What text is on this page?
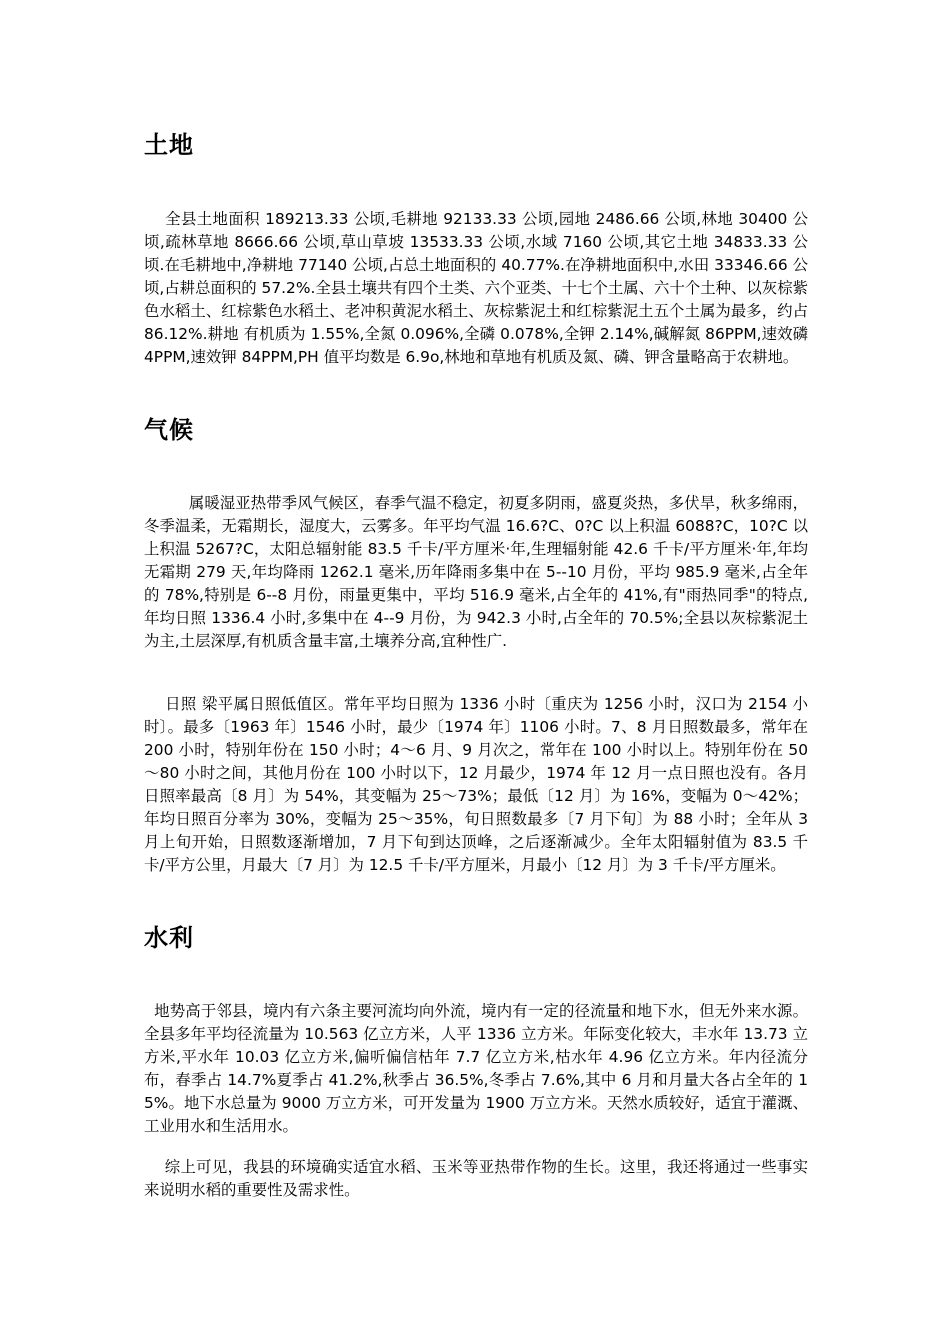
土地

全县土地面积 189213.33 公顷,毛耕地 92133.33 公顷,园地 2486.66 公顷,林地 30400 公顷,疏林草地 8666.66 公顷,草山草坡 13533.33 公顷,水域 7160 公顷,其它土地 34833.33 公顷.在毛耕地中,净耕地 77140 公顷,占总土地面积的 40.77%.在净耕地面积中,水田 33346.66 公顷,占耕总面积的 57.2%.全县土壤共有四个土类、六个亚类、十七个土属、六十个土种、以灰棕紫色水稻土、红棕紫色水稻土、老冲积黄泥水稻土、灰棕紫泥土和红棕紫泥土五个土属为最多，约占 86.12%.耕地 有机质为 1.55%,全氮 0.096%,全磷 0.078%,全钾 2.14%,碱解氮 86PPM,速效磷 4PPM,速效钾 84PPM,PH 值平均数是 6.9o,林地和草地有机质及氮、磷、钾含量略高于农耕地。

气候

属暖湿亚热带季风气候区，春季气温不稳定，初夏多阴雨，盛夏炎热，多伏旱，秋多绵雨，冬季温柔，无霜期长，湿度大，云雾多。年平均气温 16.6?C、0?C 以上积温 6088?C，10?C 以上积温 5267?C，太阳总辐射能 83.5 千卡/平方厘米·年,生理辐射能 42.6 千卡/平方厘米·年,年均无霜期 279 天,年均降雨 1262.1 毫米,历年降雨多集中在 5--10 月份，平均 985.9 毫米,占全年的 78%,特别是 6--8 月份，雨量更集中，平均 516.9 毫米,占全年的 41%,有"雨热同季"的特点,年均日照 1336.4 小时,多集中在 4--9 月份，为 942.3 小时,占全年的 70.5%;全县以灰棕紫泥土为主,土层深厚,有机质含量丰富,土壤养分高,宜种性广.

日照 梁平属日照低值区。常年平均日照为 1336 小时〔重庆为 1256 小时，汉口为 2154 小时〕。最多〔1963 年〕1546 小时，最少〔1974 年〕1106 小时。7、8 月日照数最多，常年在 200 小时，特别年份在 150 小时；4～6 月、9 月次之，常年在 100 小时以上。特别年份在 50～80 小时之间，其他月份在 100 小时以下，12 月最少，1974 年 12 月一点日照也没有。各月日照率最高〔8 月〕为 54%，其变幅为 25～73%；最低〔12 月〕为 16%，变幅为 0～42%；年均日照百分率为 30%，变幅为 25～35%，旬日照数最多〔7 月下旬〕为 88 小时；全年从 3 月上旬开始，日照数逐渐增加，7 月下旬到达顶峰，之后逐渐减少。全年太阳辐射值为 83.5 千卡/平方公里，月最大〔7 月〕为 12.5 千卡/平方厘米，月最小〔12 月〕为 3 千卡/平方厘米。

水利

地势高于邻县，境内有六条主要河流均向外流，境内有一定的径流量和地下水，但无外来水源。全县多年平均径流量为 10.563 亿立方米，人平 1336 立方米。年际变化较大，丰水年 13.73 立方米,平水年 10.03 亿立方米,偏听偏信枯年 7.7 亿立方米,枯水年 4.96 亿立方米。年内径流分布，春季占 14.7%夏季占 41.2%,秋季占 36.5%,冬季占 7.6%,其中 6 月和月量大各占全年的 15%。地下水总量为 9000 万立方米，可开发量为 1900 万立方米。天然水质较好，适宜于灌溉、工业用水和生活用水。

综上可见，我县的环境确实适宜水稻、玉米等亚热带作物的生长。这里，我还将通过一些事实来说明水稻的重要性及需求性。
